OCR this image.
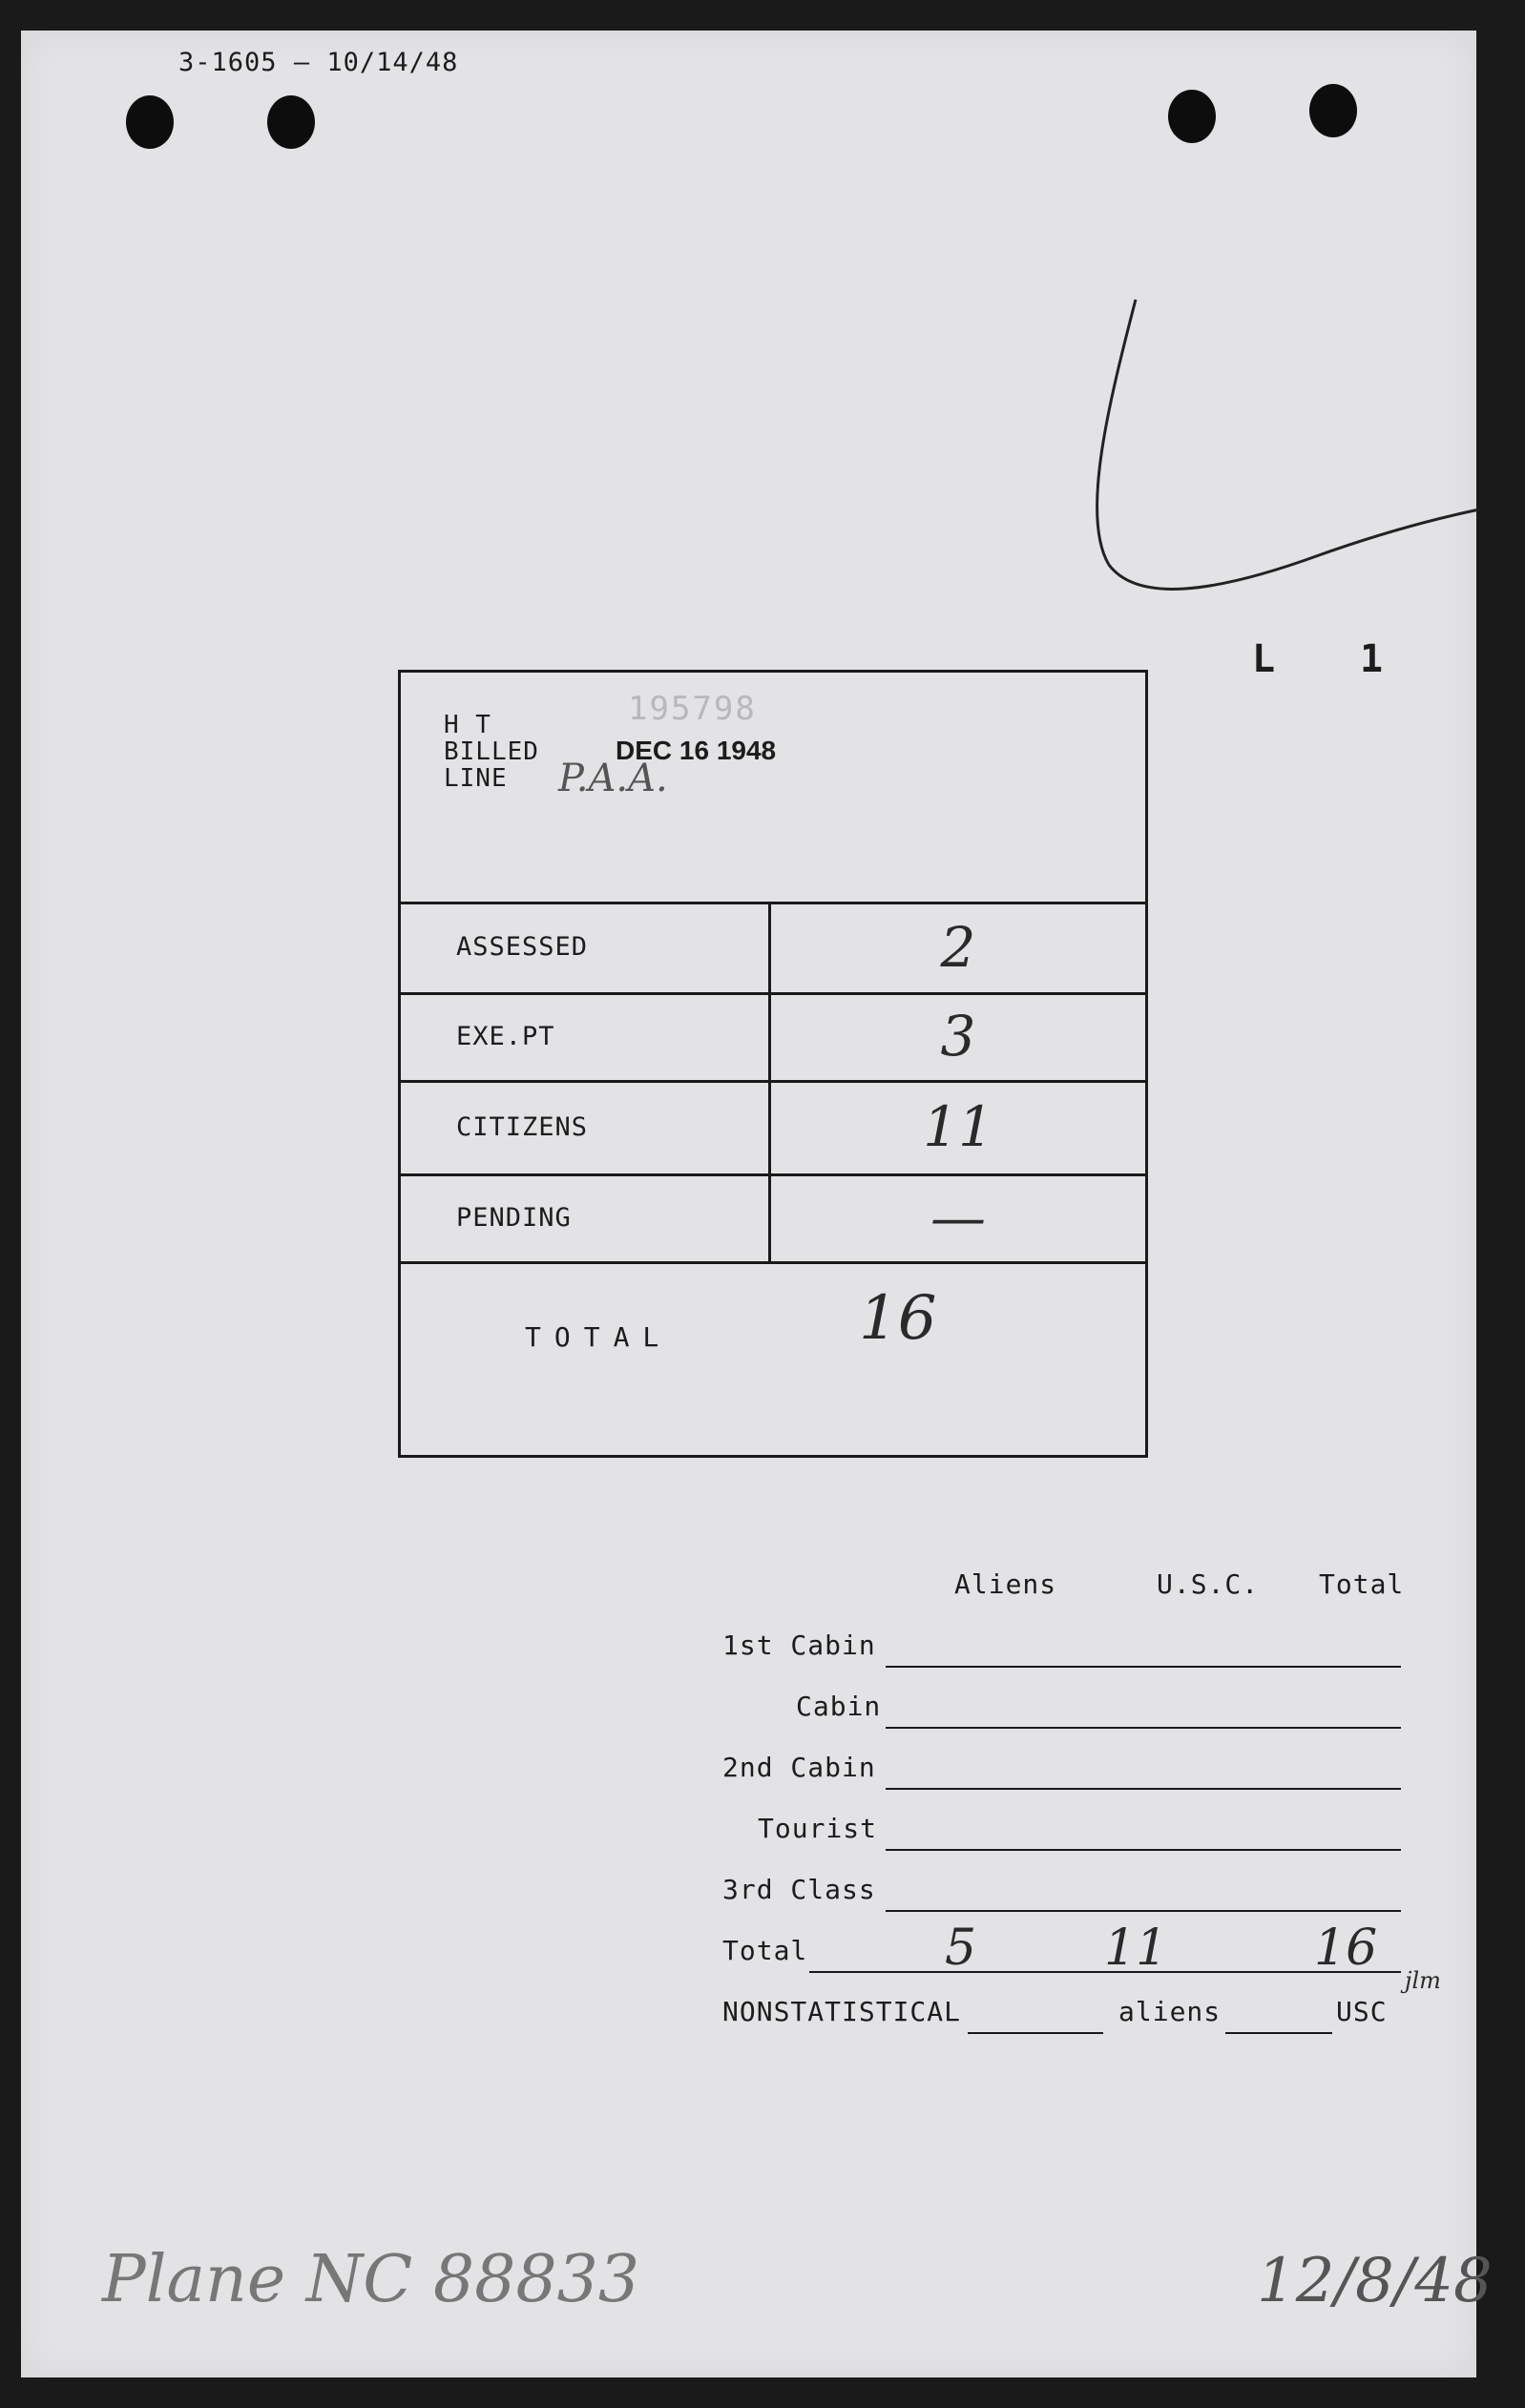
3-1605 — 10/14/48
L 1
195798
H T
BILLED	DEC 16 1948
LINE P.A.A.
ASSESSED	2
EXE.PT	3
CITIZENS	11
PENDING	—
TOTAL	16
Aliens	U.S.C. Total
1st Cabin
Cabin
2nd Cabin
Tourist
3rd Class
Total	5	11	16
jlm
NONSTATISTICAL	aliens	USC
Plane NC 88833	12/8/48
